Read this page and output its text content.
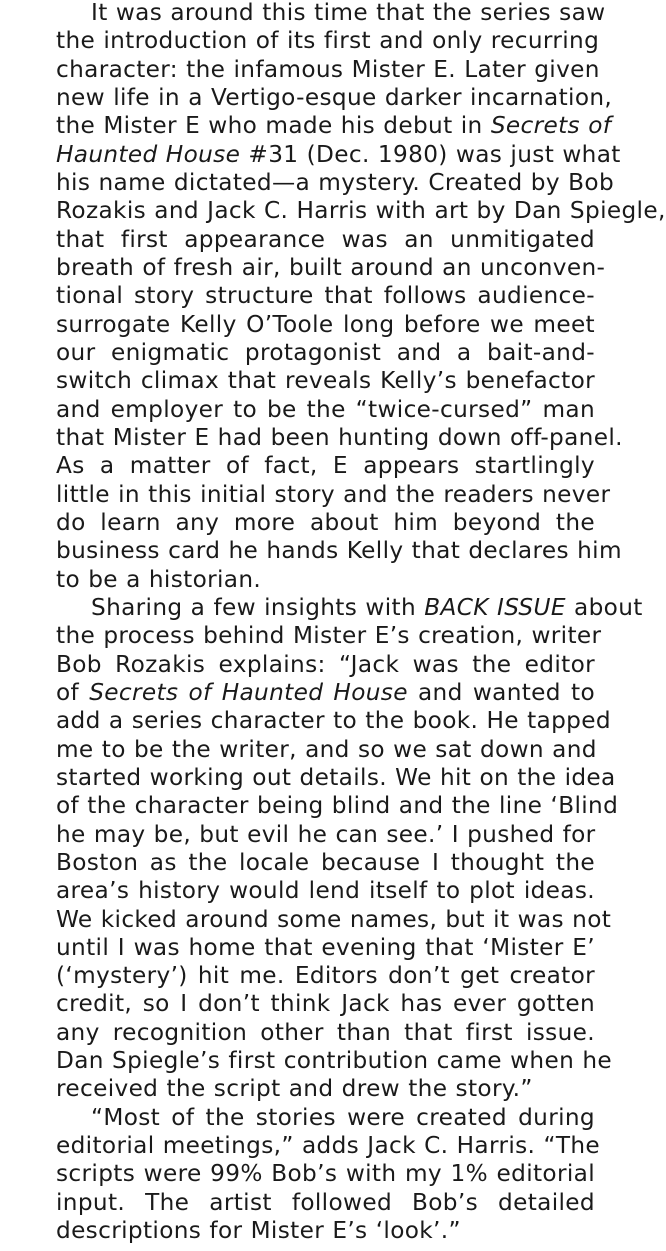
It was around this time that the series saw
the introduction of its first and only recurring
character: the infamous Mister E. Later given
new life in a Vertigo-esque darker incarnation,
the Mister E who made his debut in Secrets of
Haunted House #31 (Dec. 1980) was just what
his name dictated—a mystery. Created by Bob
Rozakis and Jack C. Harris with art by Dan Spiegle,
that first appearance was an unmitigated
breath of fresh air, built around an unconven-
tional story structure that follows audience-
surrogate Kelly O’Toole long before we meet
our enigmatic protagonist and a bait-and-
switch climax that reveals Kelly’s benefactor
and employer to be the “twice-cursed” man
that Mister E had been hunting down off-panel.
As a matter of fact, E appears startlingly
little in this initial story and the readers never
do learn any more about him beyond the
business card he hands Kelly that declares him
to be a historian.
Sharing a few insights with BACK ISSUE about
the process behind Mister E’s creation, writer
Bob Rozakis explains: “Jack was the editor
of Secrets of Haunted House and wanted to
add a series character to the book. He tapped
me to be the writer, and so we sat down and
started working out details. We hit on the idea
of the character being blind and the line ‘Blind
he may be, but evil he can see.’ I pushed for
Boston as the locale because I thought the
area’s history would lend itself to plot ideas.
We kicked around some names, but it was not
until I was home that evening that ‘Mister E’
(‘mystery’) hit me. Editors don’t get creator
credit, so I don’t think Jack has ever gotten
any recognition other than that first issue.
Dan Spiegle’s first contribution came when he
received the script and drew the story.”
“Most of the stories were created during
editorial meetings,” adds Jack C. Harris. “The
scripts were 99% Bob’s with my 1% editorial
input. The artist followed Bob’s detailed
descriptions for Mister E’s ‘look’.”
